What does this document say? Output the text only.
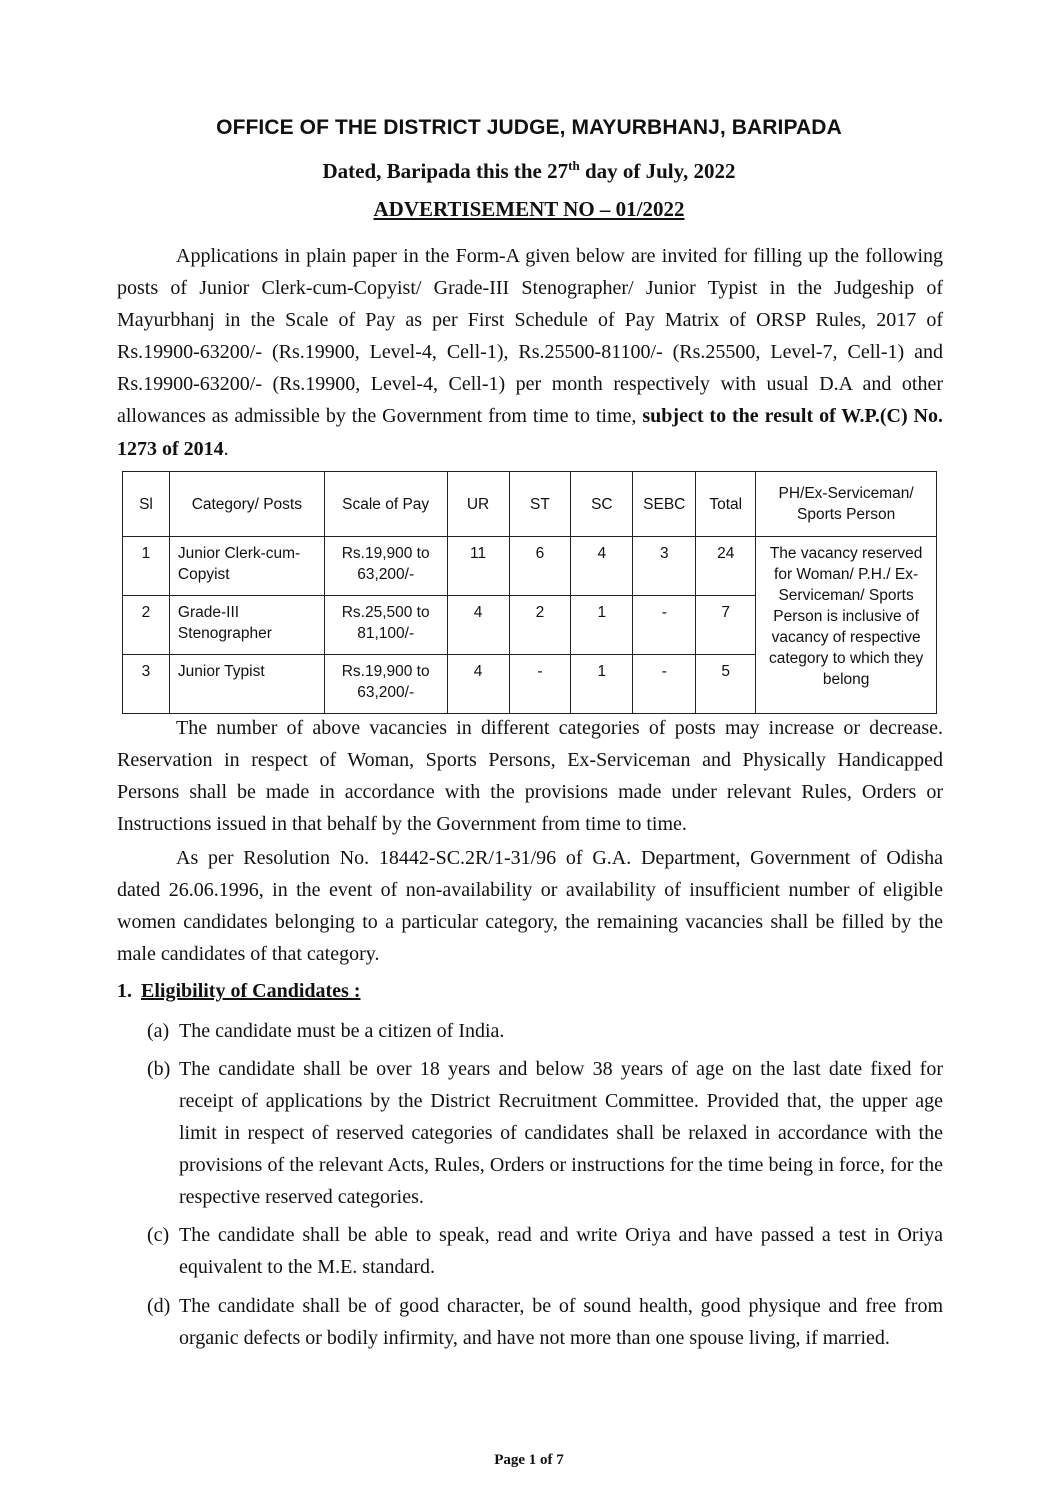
OFFICE OF THE DISTRICT JUDGE, MAYURBHANJ, BARIPADA
Dated, Baripada this the 27th day of July, 2022
ADVERTISEMENT NO – 01/2022

Applications in plain paper in the Form-A given below are invited for filling up the following posts of Junior Clerk-cum-Copyist/ Grade-III Stenographer/ Junior Typist in the Judgeship of Mayurbhanj in the Scale of Pay as per First Schedule of Pay Matrix of ORSP Rules, 2017 of Rs.19900-63200/- (Rs.19900, Level-4, Cell-1), Rs.25500-81100/- (Rs.25500, Level-7, Cell-1) and Rs.19900-63200/- (Rs.19900, Level-4, Cell-1) per month respectively with usual D.A and other allowances as admissible by the Government from time to time, subject to the result of W.P.(C) No. 1273 of 2014.

Sl	Category/ Posts	Scale of Pay	UR	ST	SC	SEBC	Total	PH/Ex-Serviceman/ Sports Person
1	Junior Clerk-cum-Copyist	Rs.19,900 to 63,200/-	11	6	4	3	24	The vacancy reserved for Woman/ P.H./ Ex-Serviceman/ Sports Person is inclusive of vacancy of respective category to which they belong
2	Grade-III Stenographer	Rs.25,500 to 81,100/-	4	2	1	-	7	
3	Junior Typist	Rs.19,900 to 63,200/-	4	-	1	-	5	

The number of above vacancies in different categories of posts may increase or decrease. Reservation in respect of Woman, Sports Persons, Ex-Serviceman and Physically Handicapped Persons shall be made in accordance with the provisions made under relevant Rules, Orders or Instructions issued in that behalf by the Government from time to time.

As per Resolution No. 18442-SC.2R/1-31/96 of G.A. Department, Government of Odisha dated 26.06.1996, in the event of non-availability or availability of insufficient number of eligible women candidates belonging to a particular category, the remaining vacancies shall be filled by the male candidates of that category.

1. Eligibility of Candidates :
(a) The candidate must be a citizen of India.
(b) The candidate shall be over 18 years and below 38 years of age on the last date fixed for receipt of applications by the District Recruitment Committee. Provided that, the upper age limit in respect of reserved categories of candidates shall be relaxed in accordance with the provisions of the relevant Acts, Rules, Orders or instructions for the time being in force, for the respective reserved categories.
(c) The candidate shall be able to speak, read and write Oriya and have passed a test in Oriya equivalent to the M.E. standard.
(d) The candidate shall be of good character, be of sound health, good physique and free from organic defects or bodily infirmity, and have not more than one spouse living, if married.
Page 1 of 7
